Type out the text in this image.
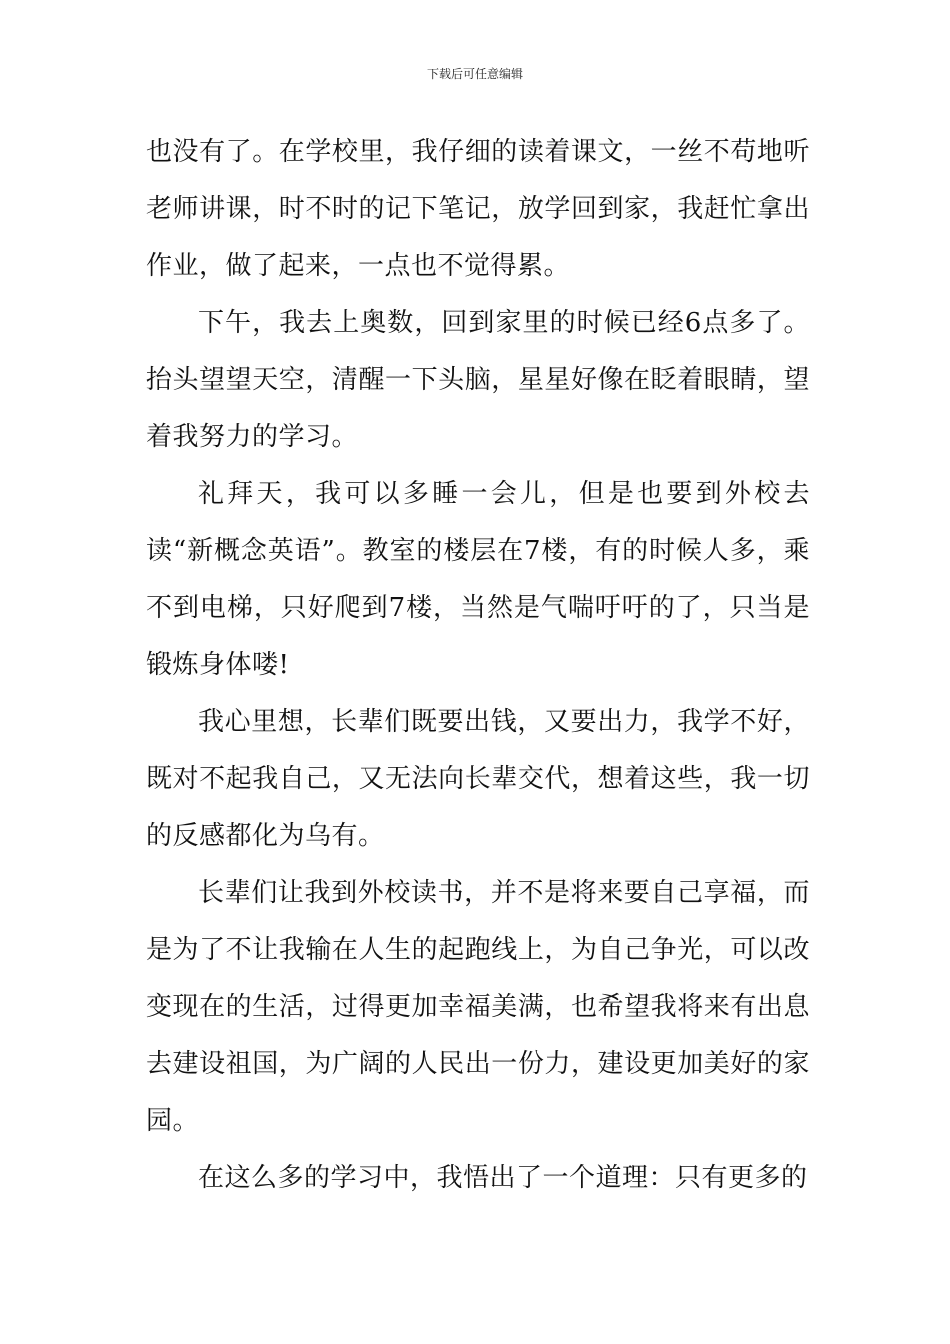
下载后可任意编辑

也没有了。在学校里，我仔细的读着课文，一丝不苟地听老师讲课，时不时的记下笔记，放学回到家，我赶忙拿出作业，做了起来，一点也不觉得累。

下午，我去上奥数，回到家里的时候已经6点多了。抬头望望天空，清醒一下头脑，星星好像在眨着眼睛，望着我努力的学习。

礼拜天，我可以多睡一会儿，但是也要到外校去读“新概念英语”。教室的楼层在7楼，有的时候人多，乘不到电梯，只好爬到7楼，当然是气喘吁吁的了，只当是锻炼身体喽!

我心里想，长辈们既要出钱，又要出力，我学不好，既对不起我自己，又无法向长辈交代，想着这些，我一切的反感都化为乌有。

长辈们让我到外校读书，并不是将来要自己享福，而是为了不让我输在人生的起跑线上，为自己争光，可以改变现在的生活，过得更加幸福美满，也希望我将来有出息去建设祖国，为广阔的人民出一份力，建设更加美好的家园。

在这么多的学习中，我悟出了一个道理：只有更多的
